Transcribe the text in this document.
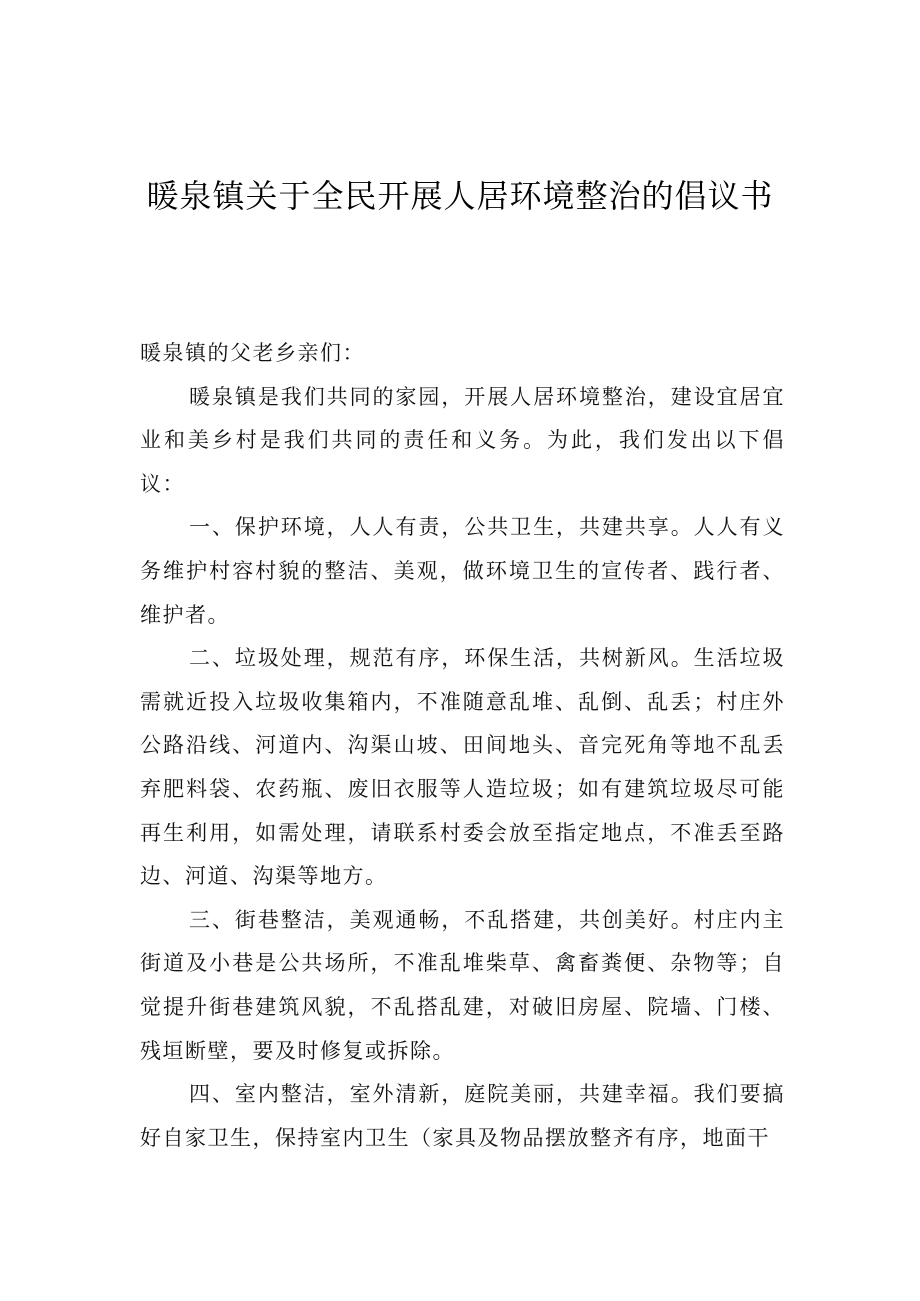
暖泉镇关于全民开展人居环境整治的倡议书

暖泉镇的父老乡亲们：

暖泉镇是我们共同的家园，开展人居环境整治，建设宜居宜业和美乡村是我们共同的责任和义务。为此，我们发出以下倡议：

一、保护环境，人人有责，公共卫生，共建共享。人人有义务维护村容村貌的整洁、美观，做环境卫生的宣传者、践行者、维护者。

二、垃圾处理，规范有序，环保生活，共树新风。生活垃圾需就近投入垃圾收集箱内，不准随意乱堆、乱倒、乱丢；村庄外公路沿线、河道内、沟渠山坡、田间地头、音完死角等地不乱丢弃肥料袋、农药瓶、废旧衣服等人造垃圾；如有建筑垃圾尽可能再生利用，如需处理，请联系村委会放至指定地点，不准丢至路边、河道、沟渠等地方。

三、街巷整洁，美观通畅，不乱搭建，共创美好。村庄内主街道及小巷是公共场所，不准乱堆柴草、禽畜粪便、杂物等；自觉提升街巷建筑风貌，不乱搭乱建，对破旧房屋、院墙、门楼、残垣断壁，要及时修复或拆除。

四、室内整洁，室外清新，庭院美丽，共建幸福。我们要搞好自家卫生，保持室内卫生（家具及物品摆放整齐有序，地面干
